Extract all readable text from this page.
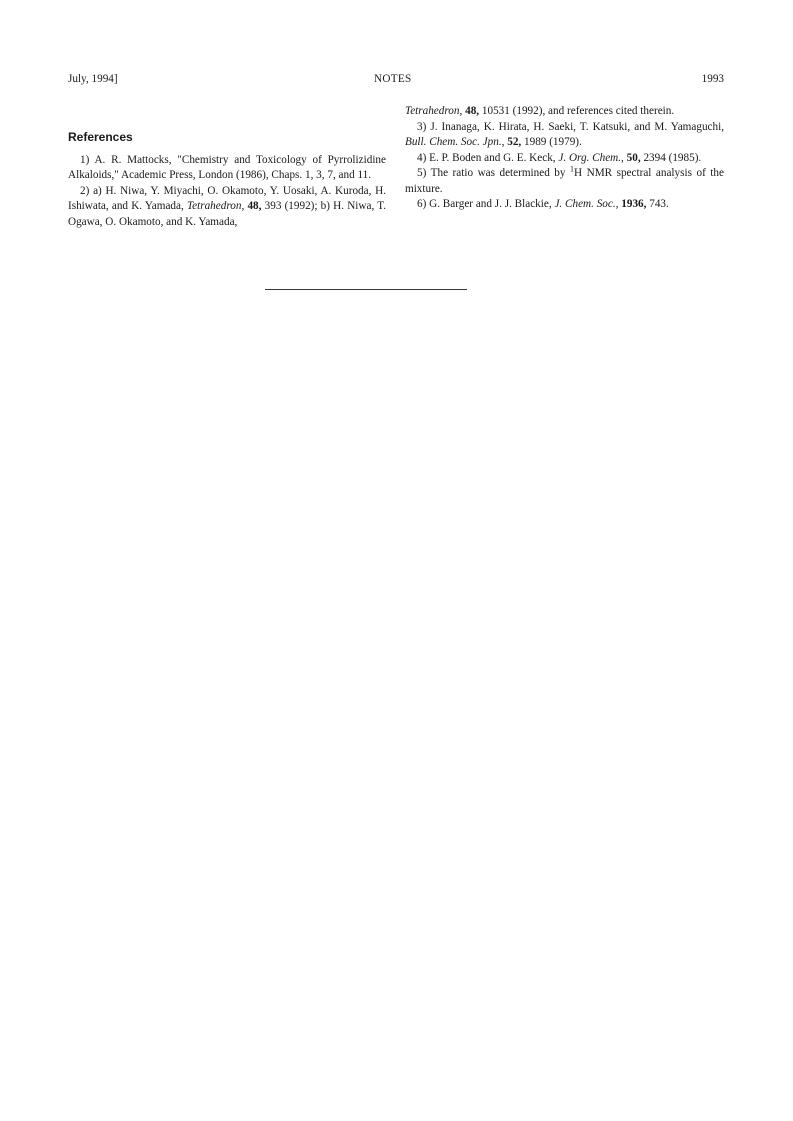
July, 1994]	NOTES	1993
References

1) A. R. Mattocks, "Chemistry and Toxicology of Pyrrolizidine Alkaloids," Academic Press, London (1986), Chaps. 1, 3, 7, and 11.

2) a) H. Niwa, Y. Miyachi, O. Okamoto, Y. Uosaki, A. Kuroda, H. Ishiwata, and K. Yamada, Tetrahedron, 48, 393 (1992); b) H. Niwa, T. Ogawa, O. Okamoto, and K. Yamada,

Tetrahedron, 48, 10531 (1992), and references cited therein.

3) J. Inanaga, K. Hirata, H. Saeki, T. Katsuki, and M. Yamaguchi, Bull. Chem. Soc. Jpn., 52, 1989 (1979).

4) E. P. Boden and G. E. Keck, J. Org. Chem., 50, 2394 (1985).

5) The ratio was determined by $^1$H NMR spectral analysis of the mixture.

6) G. Barger and J. J. Blackie, J. Chem. Soc., 1936, 743.
